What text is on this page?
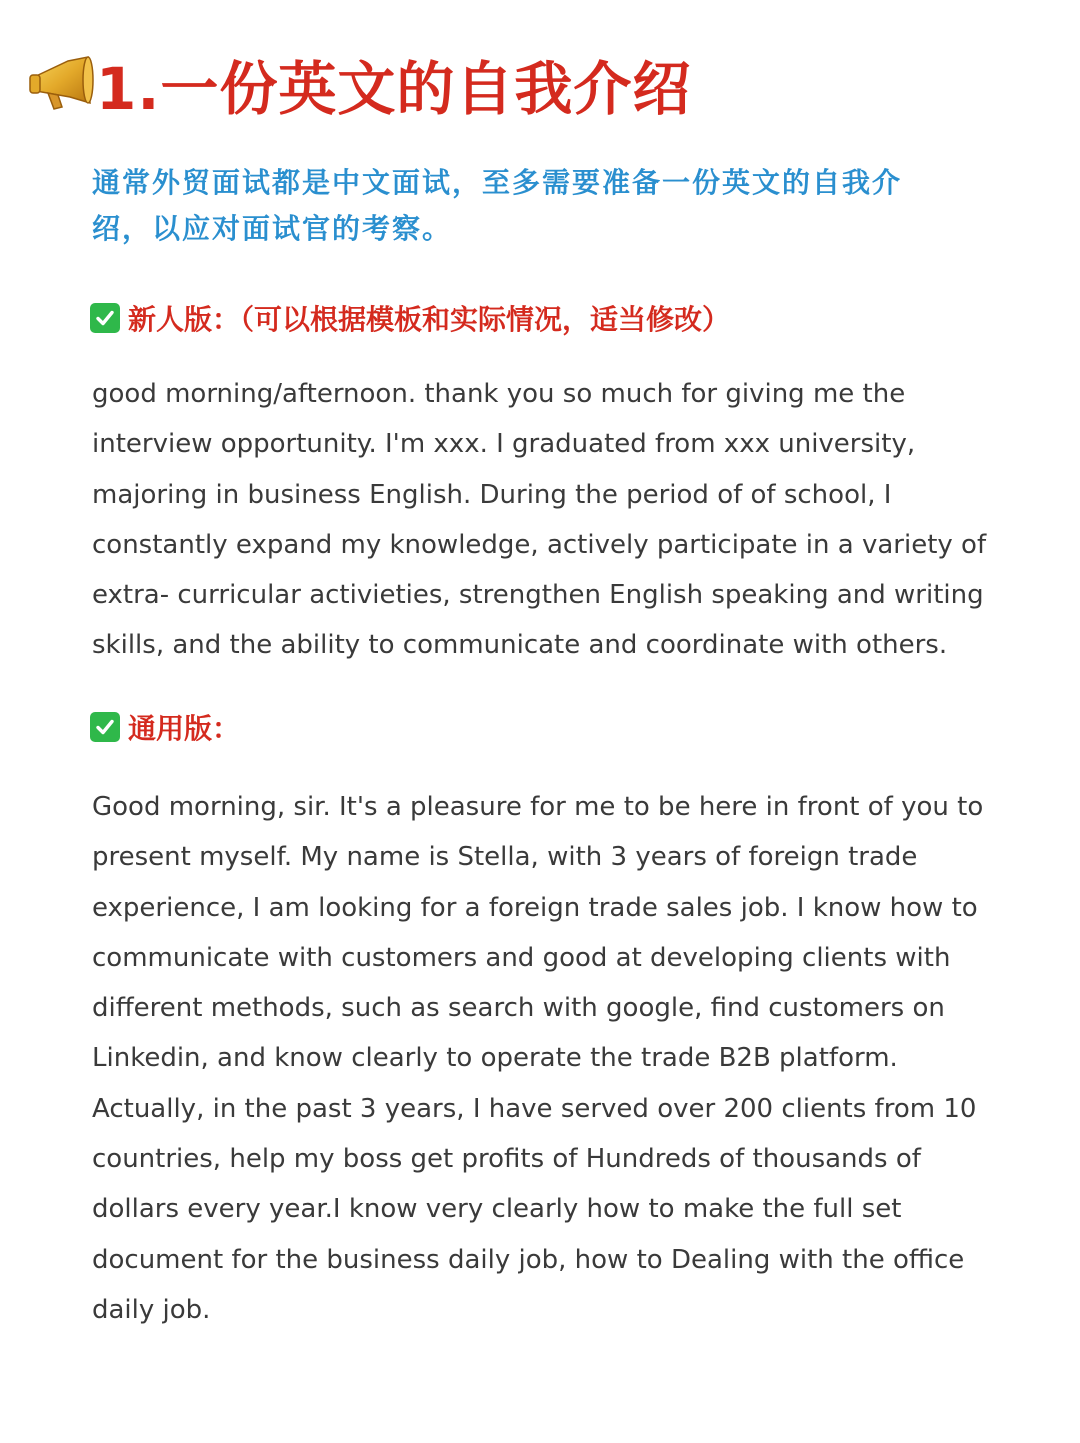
1.一份英文的自我介绍
通常外贸面试都是中文面试，至多需要准备一份英文的自我介
绍，以应对面试官的考察。
新人版：（可以根据模板和实际情况，适当修改）
good morning/afternoon. thank you so much for giving me the
interview opportunity. I'm xxx. I graduated from xxx university,
majoring in business English. During the period of of school, I
constantly expand my knowledge, actively participate in a variety of
extra- curricular activieties, strengthen English speaking and writing
skills, and the ability to communicate and coordinate with others.
通用版：
Good morning, sir. It's a pleasure for me to be here in front of you to
present myself. My name is Stella, with 3 years of foreign trade
experience, I am looking for a foreign trade sales job. I know how to
communicate with customers and good at developing clients with
different methods, such as search with google, find customers on
Linkedin, and know clearly to operate the trade B2B platform.
Actually, in the past 3 years, I have served over 200 clients from 10
countries, help my boss get profits of Hundreds of thousands of
dollars every year.I know very clearly how to make the full set
document for the business daily job, how to Dealing with the office
daily job.
